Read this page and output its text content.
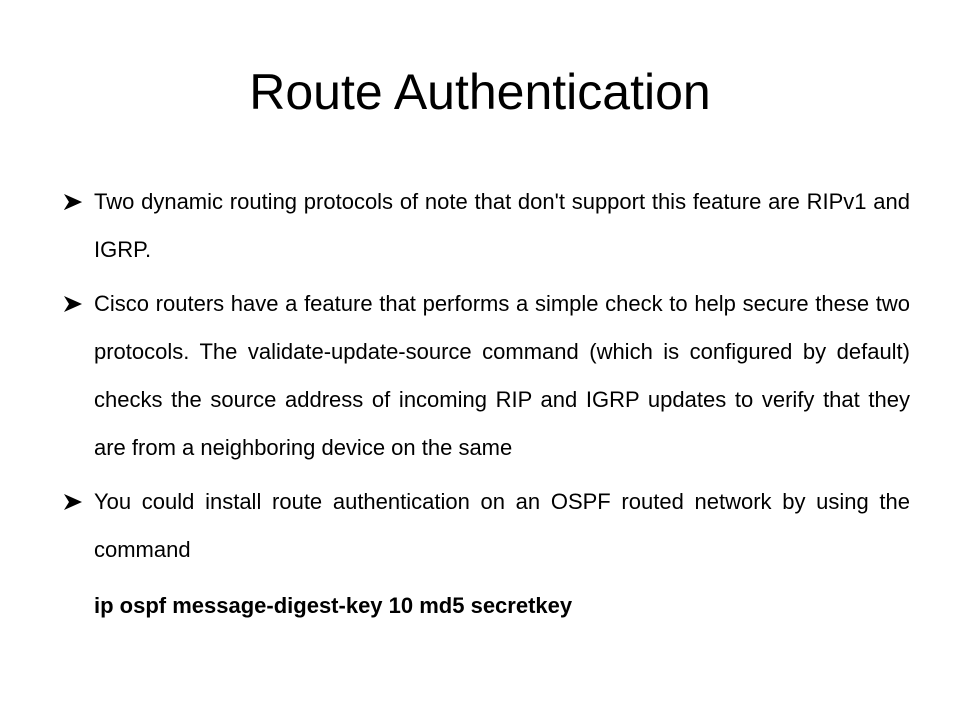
Route Authentication
Two dynamic routing protocols of note that don't support this feature are RIPv1 and IGRP.
Cisco routers have a feature that performs a simple check to help secure these two protocols. The validate-update-source command (which is configured by default) checks the source address of incoming RIP and IGRP updates to verify that they are from a neighboring device on the same
You could install route authentication on an OSPF routed network by using the command

ip ospf message-digest-key 10 md5 secretkey
